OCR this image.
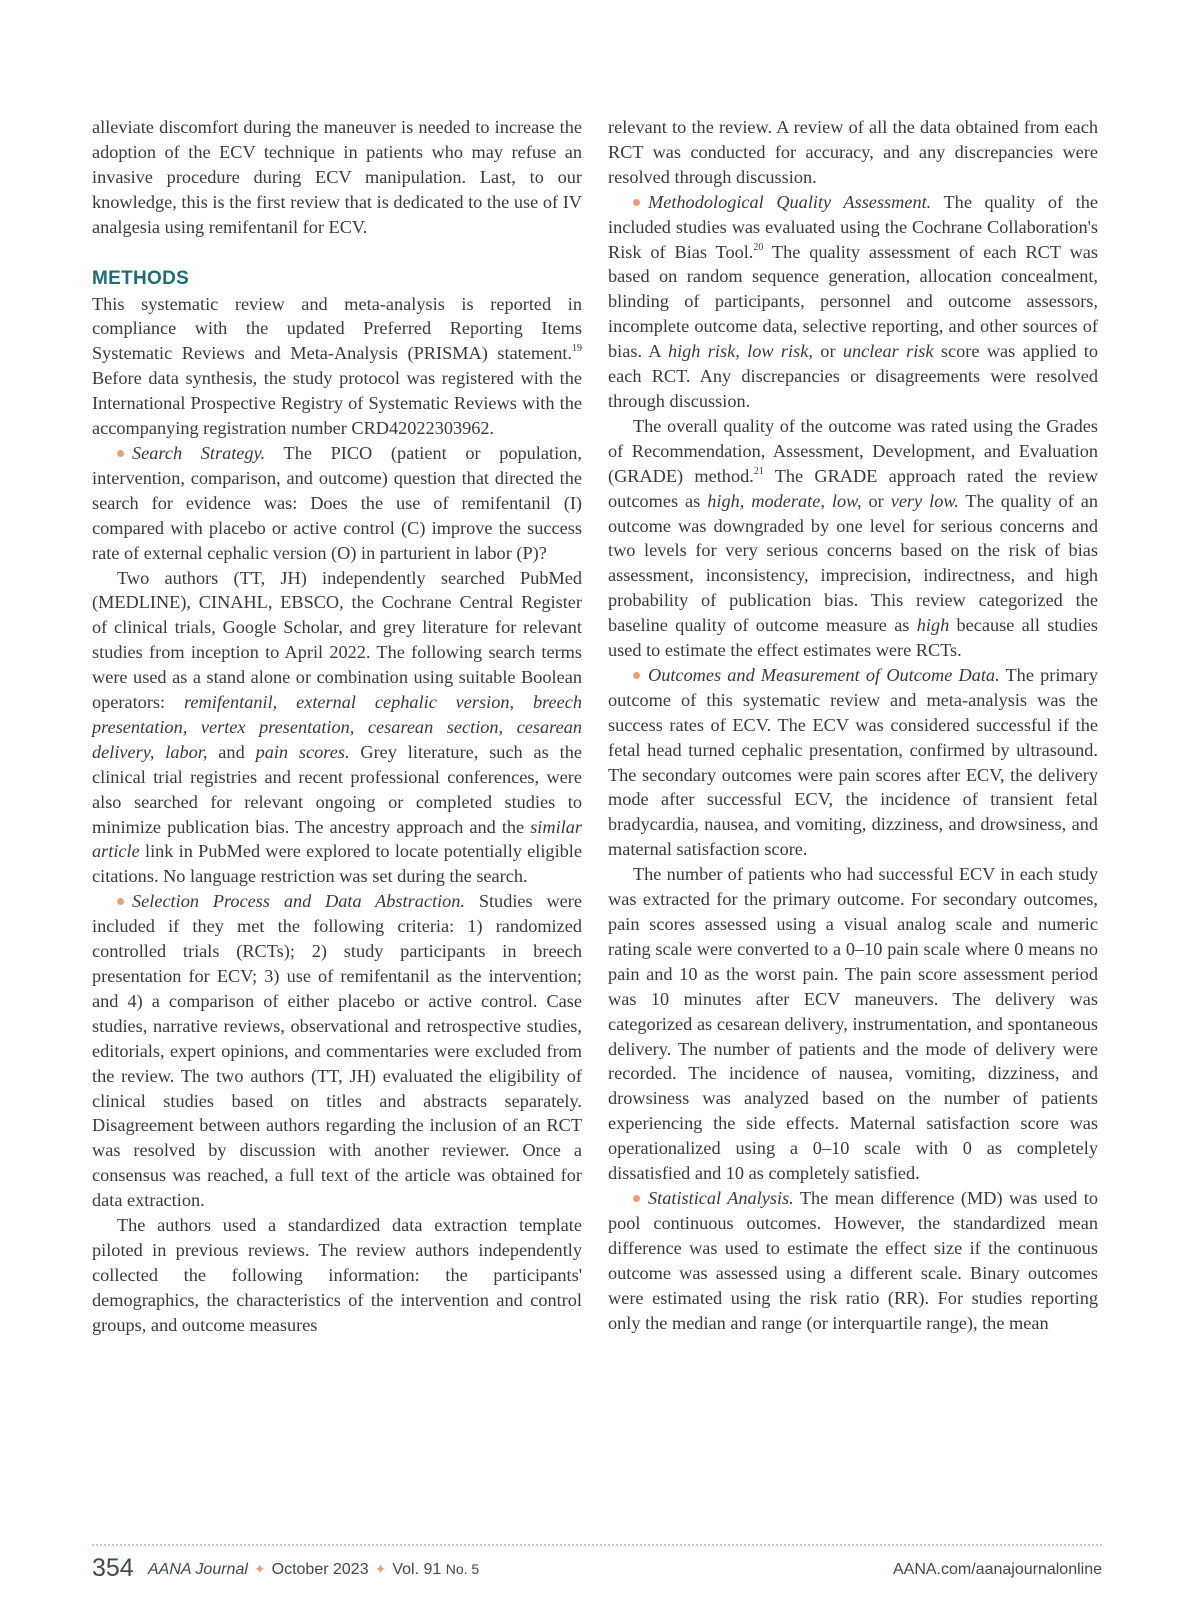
alleviate discomfort during the maneuver is needed to increase the adoption of the ECV technique in patients who may refuse an invasive procedure during ECV manipulation. Last, to our knowledge, this is the first review that is dedicated to the use of IV analgesia using remifentanil for ECV.

METHODS

This systematic review and meta-analysis is reported in compliance with the updated Preferred Reporting Items Systematic Reviews and Meta-Analysis (PRISMA) statement.$^{19}$ Before data synthesis, the study protocol was registered with the International Prospective Registry of Systematic Reviews with the accompanying registration number CRD42022303962.

Search Strategy. The PICO (patient or population, intervention, comparison, and outcome) question that directed the search for evidence was: Does the use of remifentanil (I) compared with placebo or active control (C) improve the success rate of external cephalic version (O) in parturient in labor (P)?

Two authors (TT, JH) independently searched PubMed (MEDLINE), CINAHL, EBSCO, the Cochrane Central Register of clinical trials, Google Scholar, and grey literature for relevant studies from inception to April 2022. The following search terms were used as a stand alone or combination using suitable Boolean operators: remifentanil, external cephalic version, breech presentation, vertex presentation, cesarean section, cesarean delivery, labor, and pain scores. Grey literature, such as the clinical trial registries and recent professional conferences, were also searched for relevant ongoing or completed studies to minimize publication bias. The ancestry approach and the similar article link in PubMed were explored to locate potentially eligible citations. No language restriction was set during the search.

Selection Process and Data Abstraction. Studies were included if they met the following criteria: 1) randomized controlled trials (RCTs); 2) study participants in breech presentation for ECV; 3) use of remifentanil as the intervention; and 4) a comparison of either placebo or active control. Case studies, narrative reviews, observational and retrospective studies, editorials, expert opinions, and commentaries were excluded from the review. The two authors (TT, JH) evaluated the eligibility of clinical studies based on titles and abstracts separately. Disagreement between authors regarding the inclusion of an RCT was resolved by discussion with another reviewer. Once a consensus was reached, a full text of the article was obtained for data extraction.

The authors used a standardized data extraction template piloted in previous reviews. The review authors independently collected the following information: the participants' demographics, the characteristics of the intervention and control groups, and outcome measures

relevant to the review. A review of all the data obtained from each RCT was conducted for accuracy, and any discrepancies were resolved through discussion.

Methodological Quality Assessment. The quality of the included studies was evaluated using the Cochrane Collaboration's Risk of Bias Tool.$^{20}$ The quality assessment of each RCT was based on random sequence generation, allocation concealment, blinding of participants, personnel and outcome assessors, incomplete outcome data, selective reporting, and other sources of bias. A high risk, low risk, or unclear risk score was applied to each RCT. Any discrepancies or disagreements were resolved through discussion.

The overall quality of the outcome was rated using the Grades of Recommendation, Assessment, Development, and Evaluation (GRADE) method.$^{21}$ The GRADE approach rated the review outcomes as high, moderate, low, or very low. The quality of an outcome was downgraded by one level for serious concerns and two levels for very serious concerns based on the risk of bias assessment, inconsistency, imprecision, indirectness, and high probability of publication bias. This review categorized the baseline quality of outcome measure as high because all studies used to estimate the effect estimates were RCTs.

Outcomes and Measurement of Outcome Data. The primary outcome of this systematic review and meta-analysis was the success rates of ECV. The ECV was considered successful if the fetal head turned cephalic presentation, confirmed by ultrasound. The secondary outcomes were pain scores after ECV, the delivery mode after successful ECV, the incidence of transient fetal bradycardia, nausea, and vomiting, dizziness, and drowsiness, and maternal satisfaction score.

The number of patients who had successful ECV in each study was extracted for the primary outcome. For secondary outcomes, pain scores assessed using a visual analog scale and numeric rating scale were converted to a 0–10 pain scale where 0 means no pain and 10 as the worst pain. The pain score assessment period was 10 minutes after ECV maneuvers. The delivery was categorized as cesarean delivery, instrumentation, and spontaneous delivery. The number of patients and the mode of delivery were recorded. The incidence of nausea, vomiting, dizziness, and drowsiness was analyzed based on the number of patients experiencing the side effects. Maternal satisfaction score was operationalized using a 0–10 scale with 0 as completely dissatisfied and 10 as completely satisfied.

Statistical Analysis. The mean difference (MD) was used to pool continuous outcomes. However, the standardized mean difference was used to estimate the effect size if the continuous outcome was assessed using a different scale. Binary outcomes were estimated using the risk ratio (RR). For studies reporting only the median and range (or interquartile range), the mean

354 AANA Journal ✦ October 2023 ✦ Vol. 91 No. 5	AANA.com/aanajournalonline
